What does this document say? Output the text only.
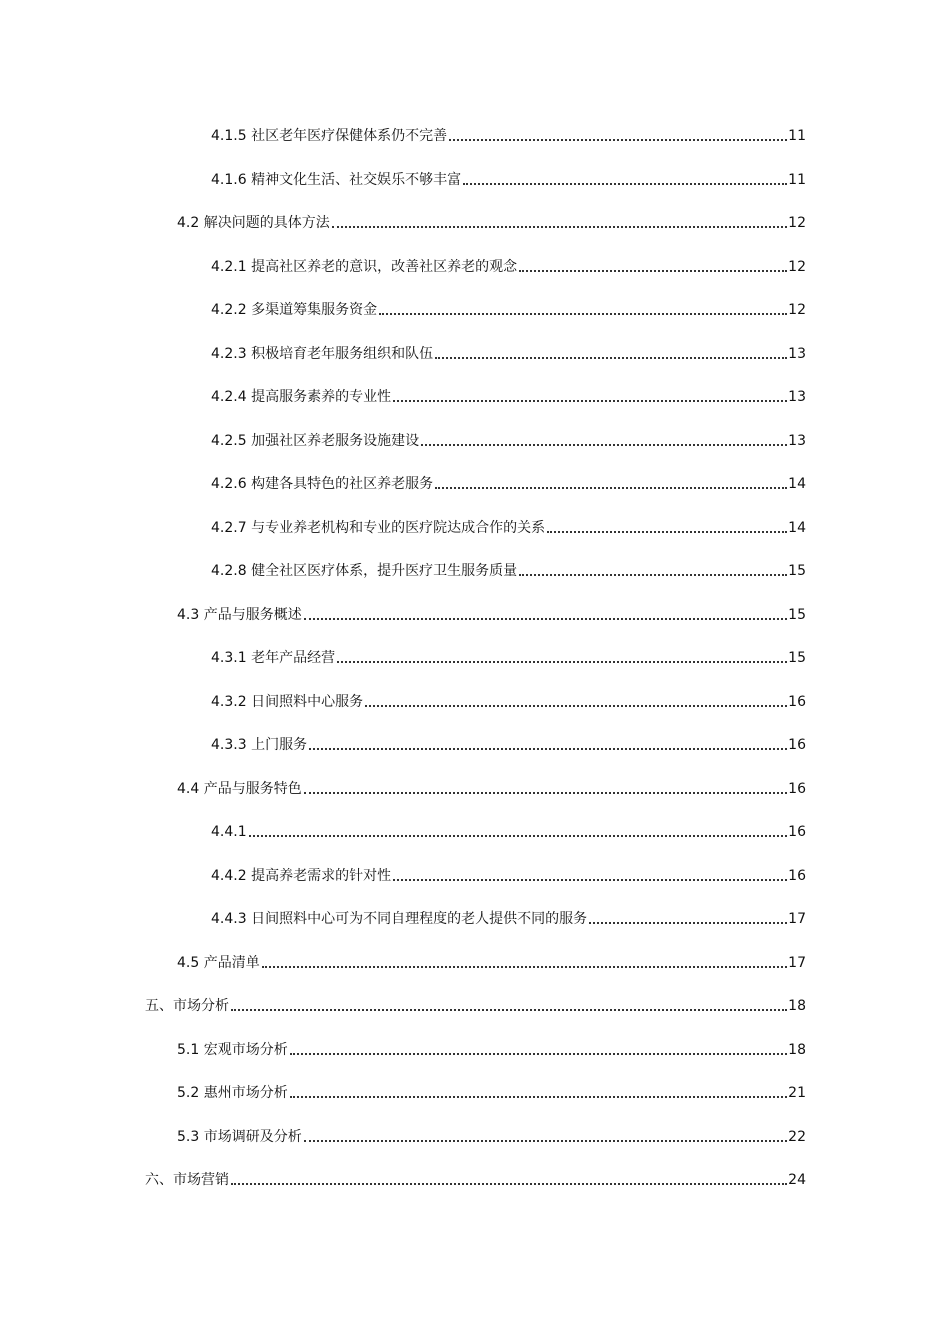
4.1.5 社区老年医疗保健体系仍不完善	11
4.1.6 精神文化生活、社交娱乐不够丰富	11
4.2 解决问题的具体方法	12
4.2.1 提高社区养老的意识，改善社区养老的观念	12
4.2.2 多渠道筹集服务资金	12
4.2.3 积极培育老年服务组织和队伍	13
4.2.4 提高服务素养的专业性	13
4.2.5 加强社区养老服务设施建设	13
4.2.6 构建各具特色的社区养老服务	14
4.2.7 与专业养老机构和专业的医疗院达成合作的关系	14
4.2.8 健全社区医疗体系，提升医疗卫生服务质量	15
4.3 产品与服务概述	15
4.3.1 老年产品经营	15
4.3.2 日间照料中心服务	16
4.3.3 上门服务	16
4.4 产品与服务特色	16
4.4.1	16
4.4.2 提高养老需求的针对性	16
4.4.3 日间照料中心可为不同自理程度的老人提供不同的服务	17
4.5 产品清单	17
五、市场分析	18
5.1 宏观市场分析	18
5.2 惠州市场分析	21
5.3 市场调研及分析	22
六、市场营销	24
